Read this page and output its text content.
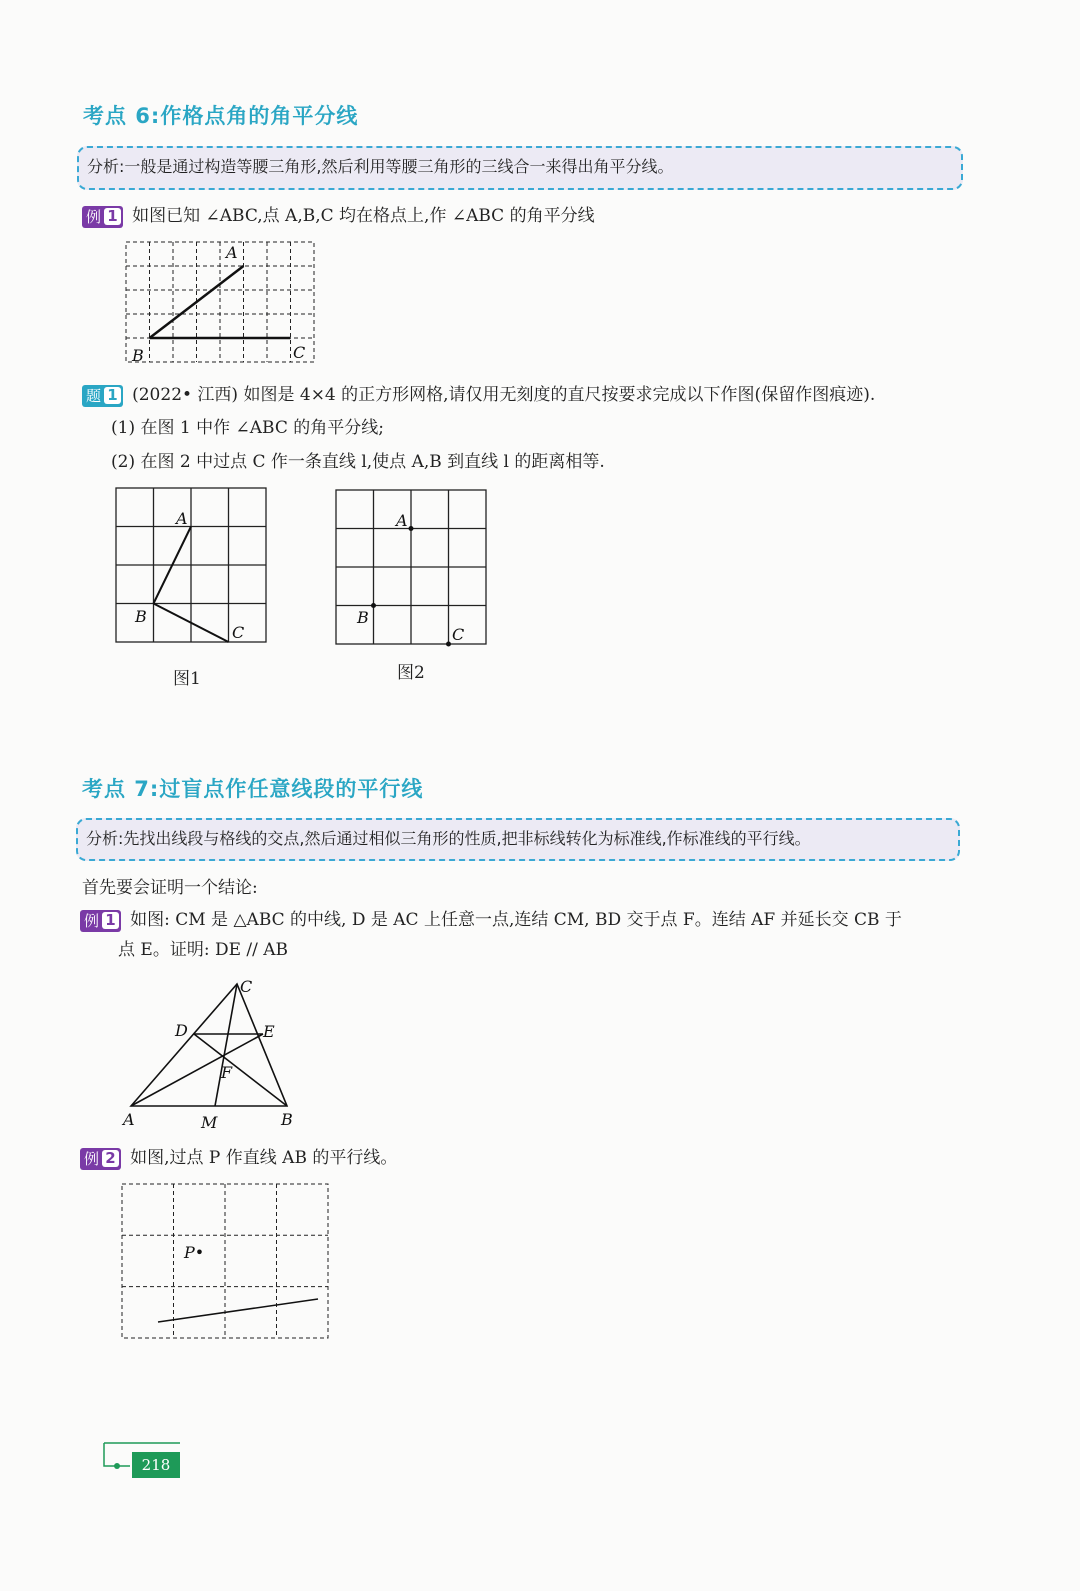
考点 6:作格点角的角平分线
分析:一般是通过构造等腰三角形,然后利用等腰三角形的三线合一来得出角平分线。
例 1 如图已知 ∠ABC,点 A,B,C 均在格点上,作 ∠ABC 的角平分线
A
B	C
题 1 (2022• 江西) 如图是 4×4 的正方形网格,请仅用无刻度的直尺按要求完成以下作图(保留作图痕迹).
(1) 在图 1 中作 ∠ABC 的角平分线;
(2) 在图 2 中过点 C 作一条直线 l,使点 A,B 到直线 l 的距离相等.
A
B
C
图1
A
B
C
图2
考点 7:过盲点作任意线段的平行线
分析:先找出线段与格线的交点,然后通过相似三角形的性质,把非标线转化为标准线,作标准线的平行线。
首先要会证明一个结论:
例 1 如图: CM 是 △ABC 的中线, D 是 AC 上任意一点,连结 CM, BD 交于点 F。连结 AF 并延长交 CB 于
点 E。证明: DE // AB
C
D	E
F
A	M	B
例 2 如图,过点 P 作直线 AB 的平行线。
P•
218
